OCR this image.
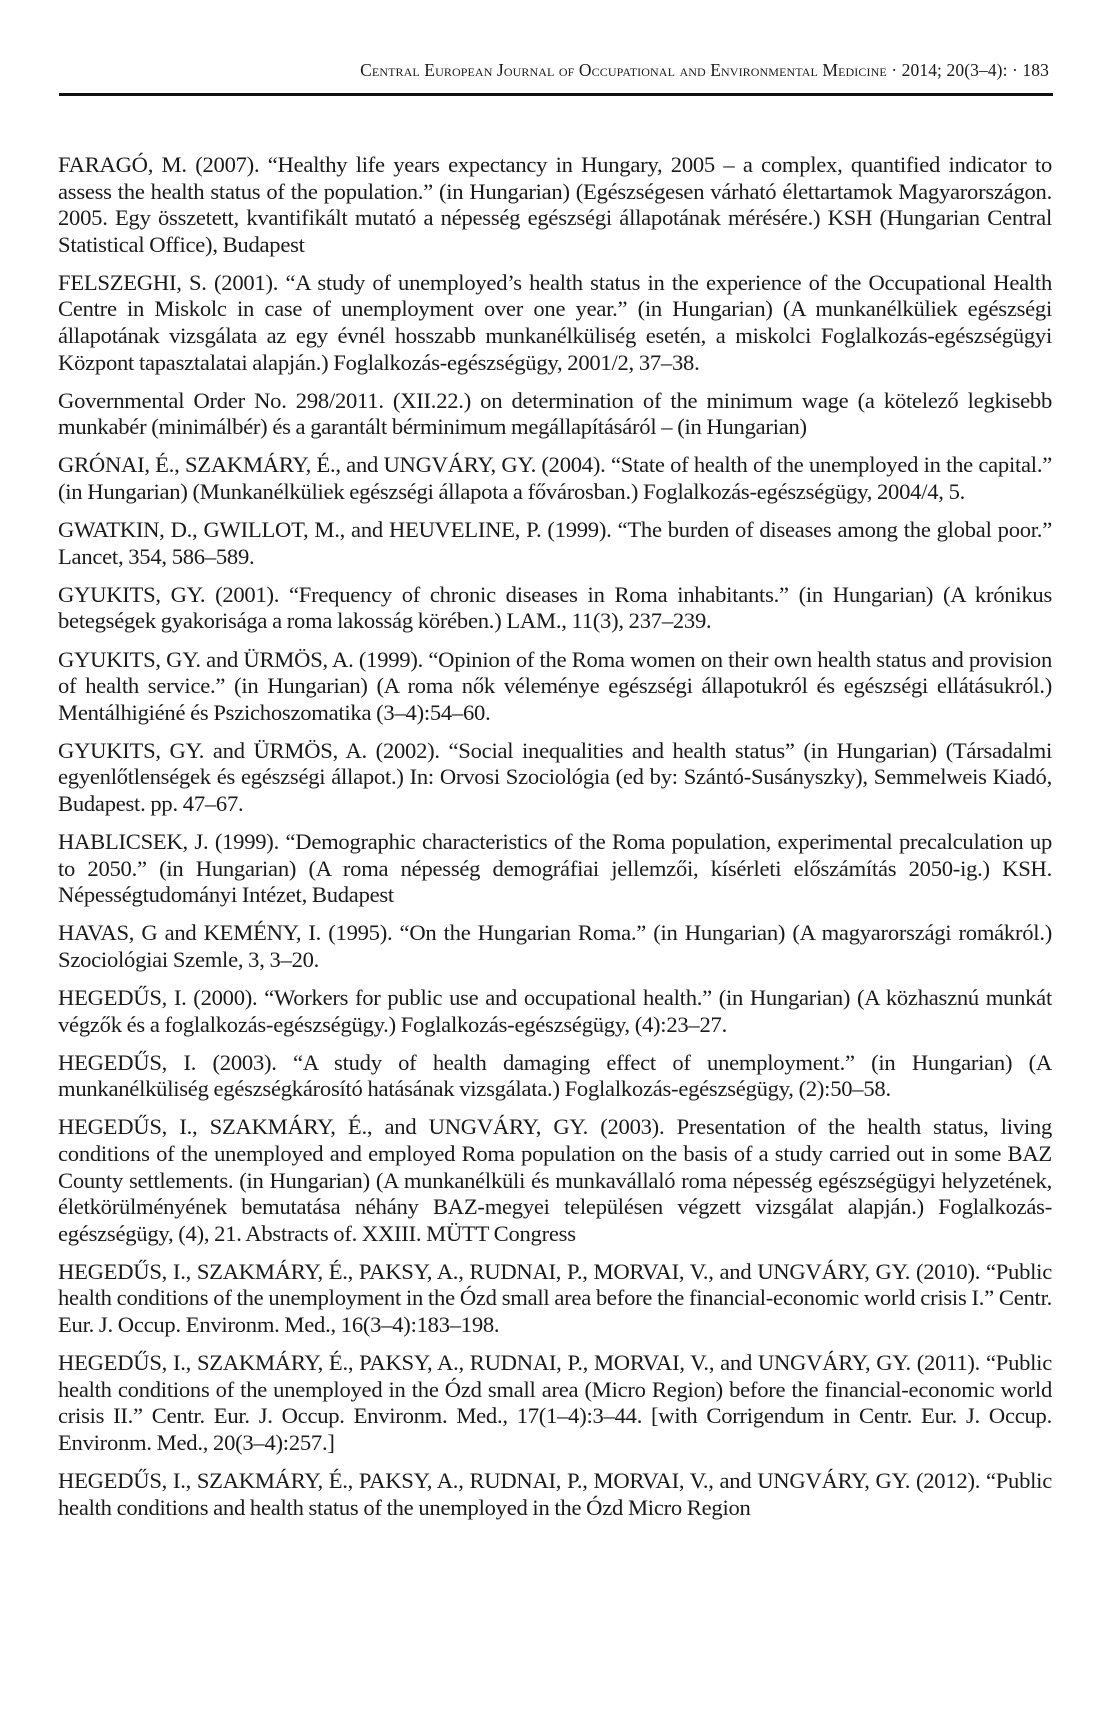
Central European Journal of Occupational and Environmental Medicine · 2014; 20(3–4): · 183

FARAGÓ, M. (2007). “Healthy life years expectancy in Hungary, 2005 – a complex, quantified indicator to assess the health status of the population.” (in Hungarian) (Egészségesen várható élettartamok Magyarországon. 2005. Egy összetett, kvantifikált mutató a népesség egészségi állapotának mérésére.) KSH (Hungarian Central Statistical Office), Budapest

FELSZEGHI, S. (2001). “A study of unemployed’s health status in the experience of the Occupational Health Centre in Miskolc in case of unemployment over one year.” (in Hungarian) (A munkanélküliek egészségi állapotának vizsgálata az egy évnél hosszabb munkanélküliség esetén, a miskolci Foglalkozás-egészségügyi Központ tapasztalatai alapján.) Foglalkozás-egészségügy, 2001/2, 37–38.

Governmental Order No. 298/2011. (XII.22.) on determination of the minimum wage (a kötelező legkisebb munkabér (minimálbér) és a garantált bérminimum megállapításáról – (in Hungarian)

GRÓNAI, É., SZAKMÁRY, É., and UNGVÁRY, GY. (2004). “State of health of the unemployed in the capital.” (in Hungarian) (Munkanélküliek egészségi állapota a fővárosban.) Foglalkozás-egészségügy, 2004/4, 5.

GWATKIN, D., GWILLOT, M., and HEUVELINE, P. (1999). “The burden of diseases among the global poor.” Lancet, 354, 586–589.

GYUKITS, GY. (2001). “Frequency of chronic diseases in Roma inhabitants.” (in Hungarian) (A krónikus betegségek gyakorisága a roma lakosság körében.) LAM., 11(3), 237–239.

GYUKITS, GY. and ÜRMÖS, A. (1999). “Opinion of the Roma women on their own health status and provision of health service.” (in Hungarian) (A roma nők véleménye egészségi állapotukról és egészségi ellátásukról.) Mentálhigiéné és Pszichoszomatika (3–4):54–60.

GYUKITS, GY. and ÜRMÖS, A. (2002). “Social inequalities and health status” (in Hungarian) (Társadalmi egyenlőtlenségek és egészségi állapot.) In: Orvosi Szociológia (ed by: Szántó-Susányszky), Semmelweis Kiadó, Budapest. pp. 47–67.

HABLICSEK, J. (1999). “Demographic characteristics of the Roma population, experimental precalculation up to 2050.” (in Hungarian) (A roma népesség demográfiai jellemzői, kísérleti előszámítás 2050-ig.) KSH. Népességtudományi Intézet, Budapest

HAVAS, G and KEMÉNY, I. (1995). “On the Hungarian Roma.” (in Hungarian) (A magyarországi romákról.) Szociológiai Szemle, 3, 3–20.

HEGEDŰS, I. (2000). “Workers for public use and occupational health.” (in Hungarian) (A közhasznú munkát végzők és a foglalkozás-egészségügy.) Foglalkozás-egészségügy, (4):23–27.

HEGEDŰS, I. (2003). “A study of health damaging effect of unemployment.” (in Hungarian) (A munkanélküliség egészségkárosító hatásának vizsgálata.) Foglalkozás-egészségügy, (2):50–58.

HEGEDŰS, I., SZAKMÁRY, É., and UNGVÁRY, GY. (2003). Presentation of the health status, living conditions of the unemployed and employed Roma population on the basis of a study carried out in some BAZ County settlements. (in Hungarian) (A munkanélküli és munkavállaló roma népesség egészségügyi helyzetének, életkörülményének bemutatása néhány BAZ-megyei településen végzett vizsgálat alapján.) Foglalkozás-egészségügy, (4), 21. Abstracts of. XXIII. MÜTT Congress

HEGEDŰS, I., SZAKMÁRY, É., PAKSY, A., RUDNAI, P., MORVAI, V., and UNGVÁRY, GY. (2010). “Public health conditions of the unemployment in the Ózd small area before the financial-economic world crisis I.” Centr. Eur. J. Occup. Environm. Med., 16(3–4):183–198.

HEGEDŰS, I., SZAKMÁRY, É., PAKSY, A., RUDNAI, P., MORVAI, V., and UNGVÁRY, GY. (2011). “Public health conditions of the unemployed in the Ózd small area (Micro Region) before the financial-economic world crisis II.” Centr. Eur. J. Occup. Environm. Med., 17(1–4):3–44. [with Corrigendum in Centr. Eur. J. Occup. Environm. Med., 20(3–4):257.]

HEGEDŰS, I., SZAKMÁRY, É., PAKSY, A., RUDNAI, P., MORVAI, V., and UNGVÁRY, GY. (2012). “Public health conditions and health status of the unemployed in the Ózd Micro Region
